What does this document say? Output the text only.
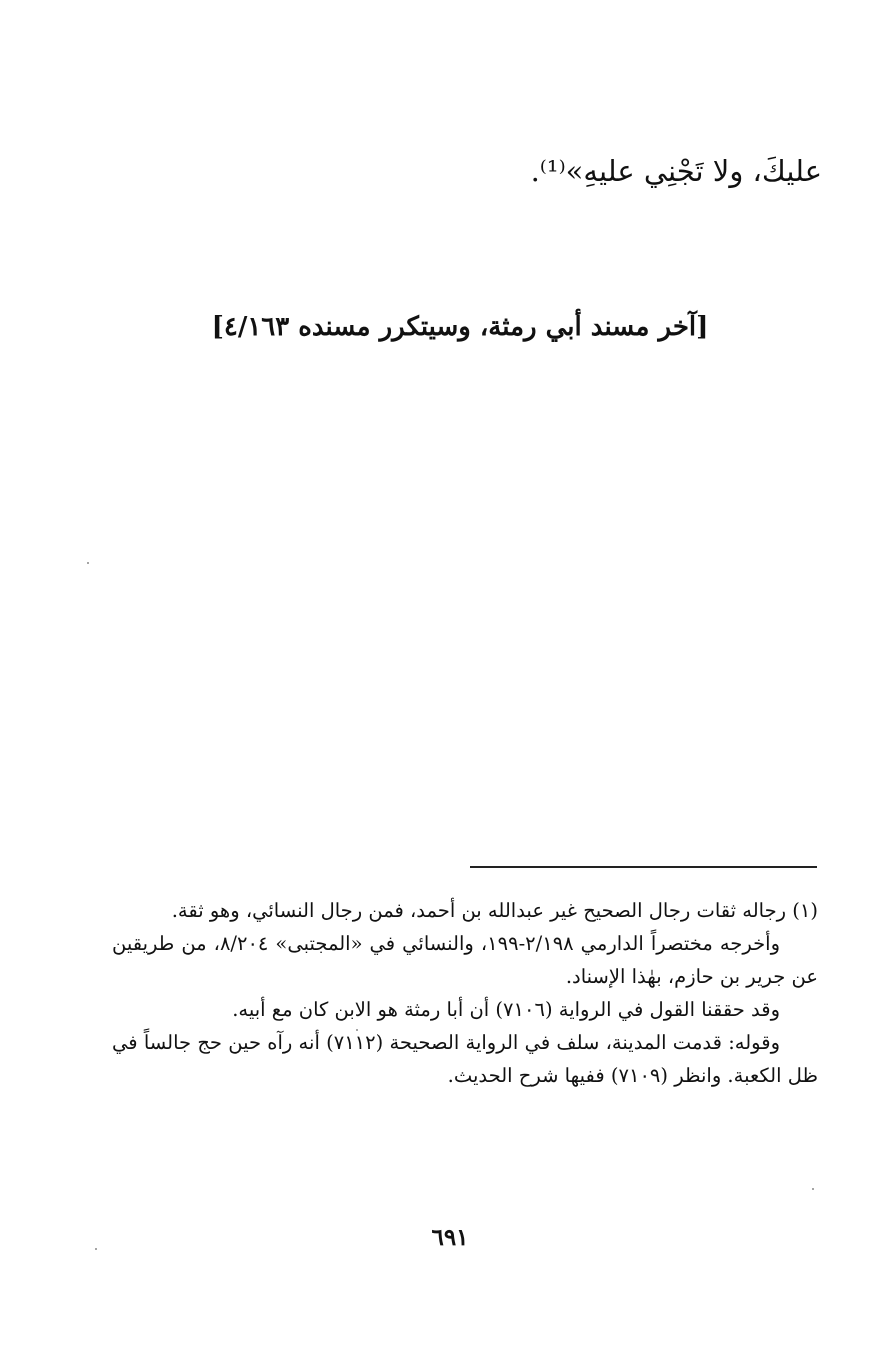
عليكَ، ولا تَجْنِي عليهِ»⁽¹⁾.
[آخر مسند أبي رمثة، وسيتكرر مسنده ٤/١٦٣]

(١) رجاله ثقات رجال الصحيح غير عبدالله بن أحمد، فمن رجال النسائي، وهو ثقة.

وأخرجه مختصراً الدارمي ٢/١٩٨-١٩٩، والنسائي في «المجتبى» ٨/٢٠٤، من طريقين عن جرير بن حازم، بهٰذا الإسناد.

وقد حققنا القول في الرواية (٧١٠٦) أن أبا رمثة هو الابن كان مع أبيه.

وقوله: قدمت المدينة، سلف في الرواية الصحيحة (٧١١٢) أنه رآه حين حج جالساً في ظل الكعبة. وانظر (٧١٠٩) ففيها شرح الحديث.

٦٩١
